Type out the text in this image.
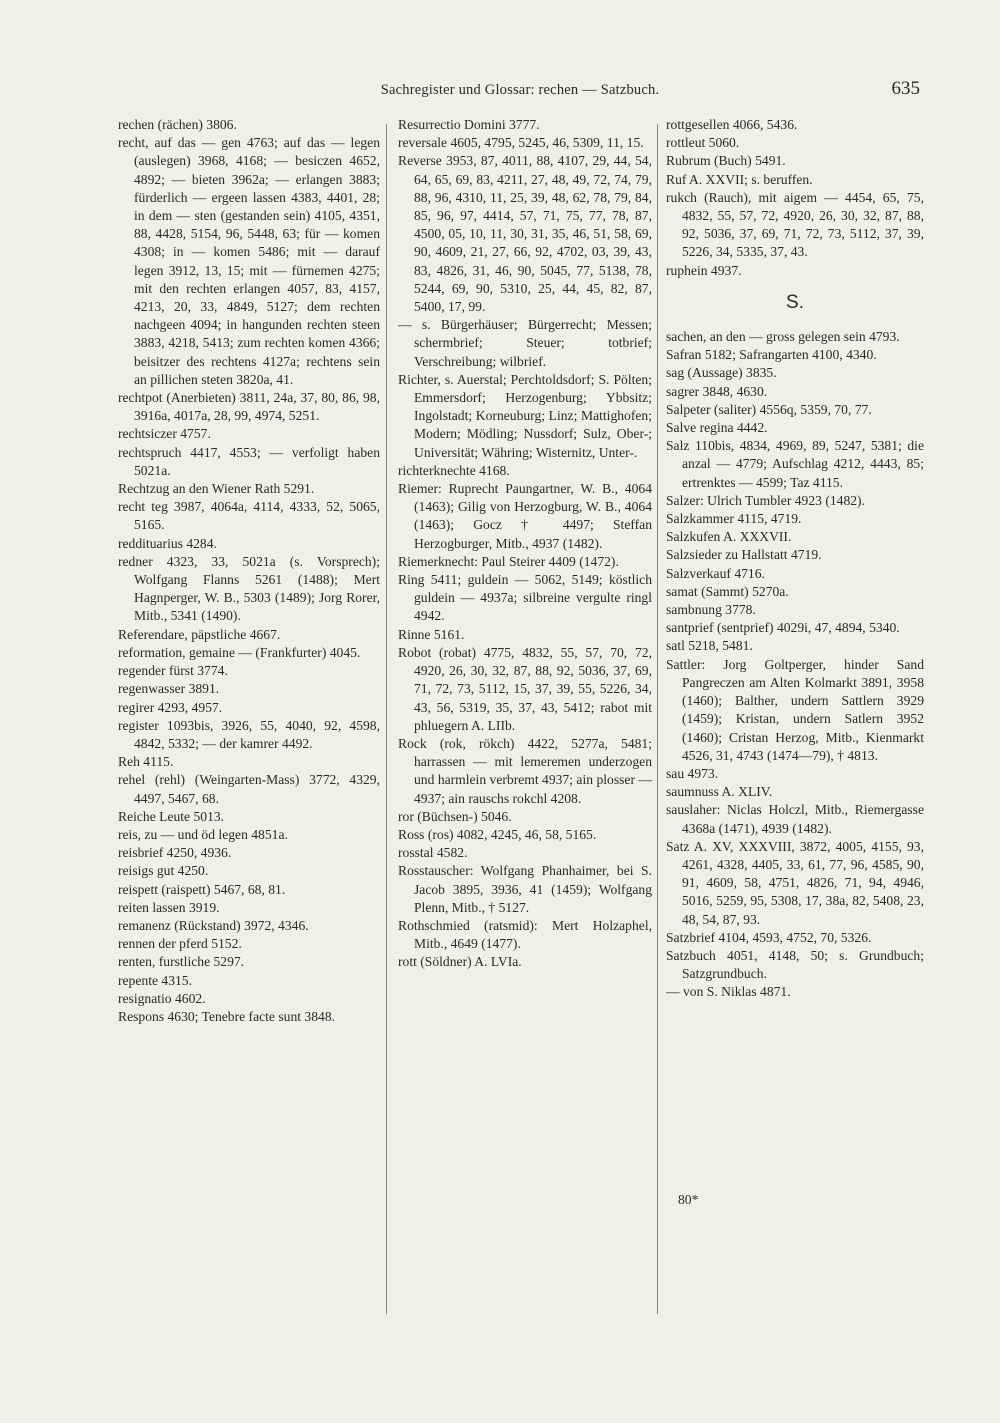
Sachregister und Glossar: rechen — Satzbuch.	635

rechen (rächen) 3806.

recht, auf das — gen 4763; auf das — legen (auslegen) 3968, 4168; — besiczen 4652, 4892; — bieten 3962a; — erlangen 3883; fürderlich — ergeen lassen 4383, 4401, 28; in dem — sten (gestanden sein) 4105, 4351, 88, 4428, 5154, 96, 5448, 63; für — komen 4308; in — komen 5486; mit — darauf legen 3912, 13, 15; mit — fürnemen 4275; mit den rechten erlangen 4057, 83, 4157, 4213, 20, 33, 4849, 5127; dem rechten nachgeen 4094; in hangunden rechten steen 3883, 4218, 5413; zum rechten komen 4366; beisitzer des rechtens 4127a; rechtens sein an pillichen steten 3820a, 41.

rechtpot (Anerbieten) 3811, 24a, 37, 80, 86, 98, 3916a, 4017a, 28, 99, 4974, 5251.

rechtsiczer 4757.

rechtspruch 4417, 4553; — verfoligt haben 5021a.

Rechtzug an den Wiener Rath 5291.

recht teg 3987, 4064a, 4114, 4333, 52, 5065, 5165.

reddituarius 4284.

redner 4323, 33, 5021a (s. Vorsprech); Wolfgang Flanns 5261 (1488); Mert Hagnperger, W. B., 5303 (1489); Jorg Rorer, Mitb., 5341 (1490).

Referendare, päpstliche 4667.

reformation, gemaine — (Frankfurter) 4045.

regender fürst 3774.

regenwasser 3891.

regirer 4293, 4957.

register 1093bis, 3926, 55, 4040, 92, 4598, 4842, 5332; — der kamrer 4492.

Reh 4115.

rehel (rehl) (Weingarten-Mass) 3772, 4329, 4497, 5467, 68.

Reiche Leute 5013.

reis, zu — und öd legen 4851a.

reisbrief 4250, 4936.

reisigs gut 4250.

reispett (raispett) 5467, 68, 81.

reiten lassen 3919.

remanenz (Rückstand) 3972, 4346.

rennen der pferd 5152.

renten, furstliche 5297.

repente 4315.

resignatio 4602.

Respons 4630; Tenebre facte sunt 3848.

Resurrectio Domini 3777.

reversale 4605, 4795, 5245, 46, 5309, 11, 15.

Reverse 3953, 87, 4011, 88, 4107, 29, 44, 54, 64, 65, 69, 83, 4211, 27, 48, 49, 72, 74, 79, 88, 96, 4310, 11, 25, 39, 48, 62, 78, 79, 84, 85, 96, 97, 4414, 57, 71, 75, 77, 78, 87, 4500, 05, 10, 11, 30, 31, 35, 46, 51, 58, 69, 90, 4609, 21, 27, 66, 92, 4702, 03, 39, 43, 83, 4826, 31, 46, 90, 5045, 77, 5138, 78, 5244, 69, 90, 5310, 25, 44, 45, 82, 87, 5400, 17, 99.

— s. Bürgerhäuser; Bürgerrecht; Messen; schermbrief; Steuer; totbrief; Verschreibung; wilbrief.

Richter, s. Auerstal; Perchtoldsdorf; S. Pölten; Emmersdorf; Herzogenburg; Ybbsitz; Ingolstadt; Korneuburg; Linz; Mattighofen; Modern; Mödling; Nussdorf; Sulz, Ober-; Universität; Währing; Wisternitz, Unter-.

richterknechte 4168.

Riemer: Ruprecht Paungartner, W. B., 4064 (1463); Gilig von Herzogburg, W. B., 4064 (1463); Gocz † 4497; Steffan Herzogburger, Mitb., 4937 (1482).

Riemerknecht: Paul Steirer 4409 (1472).

Ring 5411; guldein — 5062, 5149; köstlich guldein — 4937a; silbreine vergulte ringl 4942.

Rinne 5161.

Robot (robat) 4775, 4832, 55, 57, 70, 72, 4920, 26, 30, 32, 87, 88, 92, 5036, 37, 69, 71, 72, 73, 5112, 15, 37, 39, 55, 5226, 34, 43, 56, 5319, 35, 37, 43, 5412; rabot mit phluegern A. LIIb.

Rock (rok, rökch) 4422, 5277a, 5481; harrassen — mit lemeremen underzogen und harmlein verbremt 4937; ain plosser — 4937; ain rauschs rokchl 4208.

ror (Büchsen-) 5046.

Ross (ros) 4082, 4245, 46, 58, 5165.

rosstal 4582.

Rosstauscher: Wolfgang Phanhaimer, bei S. Jacob 3895, 3936, 41 (1459); Wolfgang Plenn, Mitb., † 5127.

Rothschmied (ratsmid): Mert Holzaphel, Mitb., 4649 (1477).

rott (Söldner) A. LVIa.

rottgesellen 4066, 5436.

rottleut 5060.

Rubrum (Buch) 5491.

Ruf A. XXVII; s. beruffen.

rukch (Rauch), mit aigem — 4454, 65, 75, 4832, 55, 57, 72, 4920, 26, 30, 32, 87, 88, 92, 5036, 37, 69, 71, 72, 73, 5112, 37, 39, 5226, 34, 5335, 37, 43.

ruphein 4937.

S.

sachen, an den — gross gelegen sein 4793.

Safran 5182; Safrangarten 4100, 4340.

sag (Aussage) 3835.

sagrer 3848, 4630.

Salpeter (saliter) 4556q, 5359, 70, 77.

Salve regina 4442.

Salz 110bis, 4834, 4969, 89, 5247, 5381; die anzal — 4779; Aufschlag 4212, 4443, 85; ertrenktes — 4599; Taz 4115.

Salzer: Ulrich Tumbler 4923 (1482).

Salzkammer 4115, 4719.

Salzkufen A. XXXVII.

Salzsieder zu Hallstatt 4719.

Salzverkauf 4716.

samat (Sammt) 5270a.

sambnung 3778.

santprief (sentprief) 4029i, 47, 4894, 5340.

satl 5218, 5481.

Sattler: Jorg Goltperger, hinder Sand Pangreczen am Alten Kolmarkt 3891, 3958 (1460); Balther, undern Sattlern 3929 (1459); Kristan, undern Satlern 3952 (1460); Cristan Herzog, Mitb., Kienmarkt 4526, 31, 4743 (1474—79), † 4813.

sau 4973.

saumnuss A. XLIV.

sauslaher: Niclas Holczl, Mitb., Riemergasse 4368a (1471), 4939 (1482).

Satz A. XV, XXXVIII, 3872, 4005, 4155, 93, 4261, 4328, 4405, 33, 61, 77, 96, 4585, 90, 91, 4609, 58, 4751, 4826, 71, 94, 4946, 5016, 5259, 95, 5308, 17, 38a, 82, 5408, 23, 48, 54, 87, 93.

Satzbrief 4104, 4593, 4752, 70, 5326.

Satzbuch 4051, 4148, 50; s. Grundbuch; Satzgrundbuch.

— von S. Niklas 4871.

80*
